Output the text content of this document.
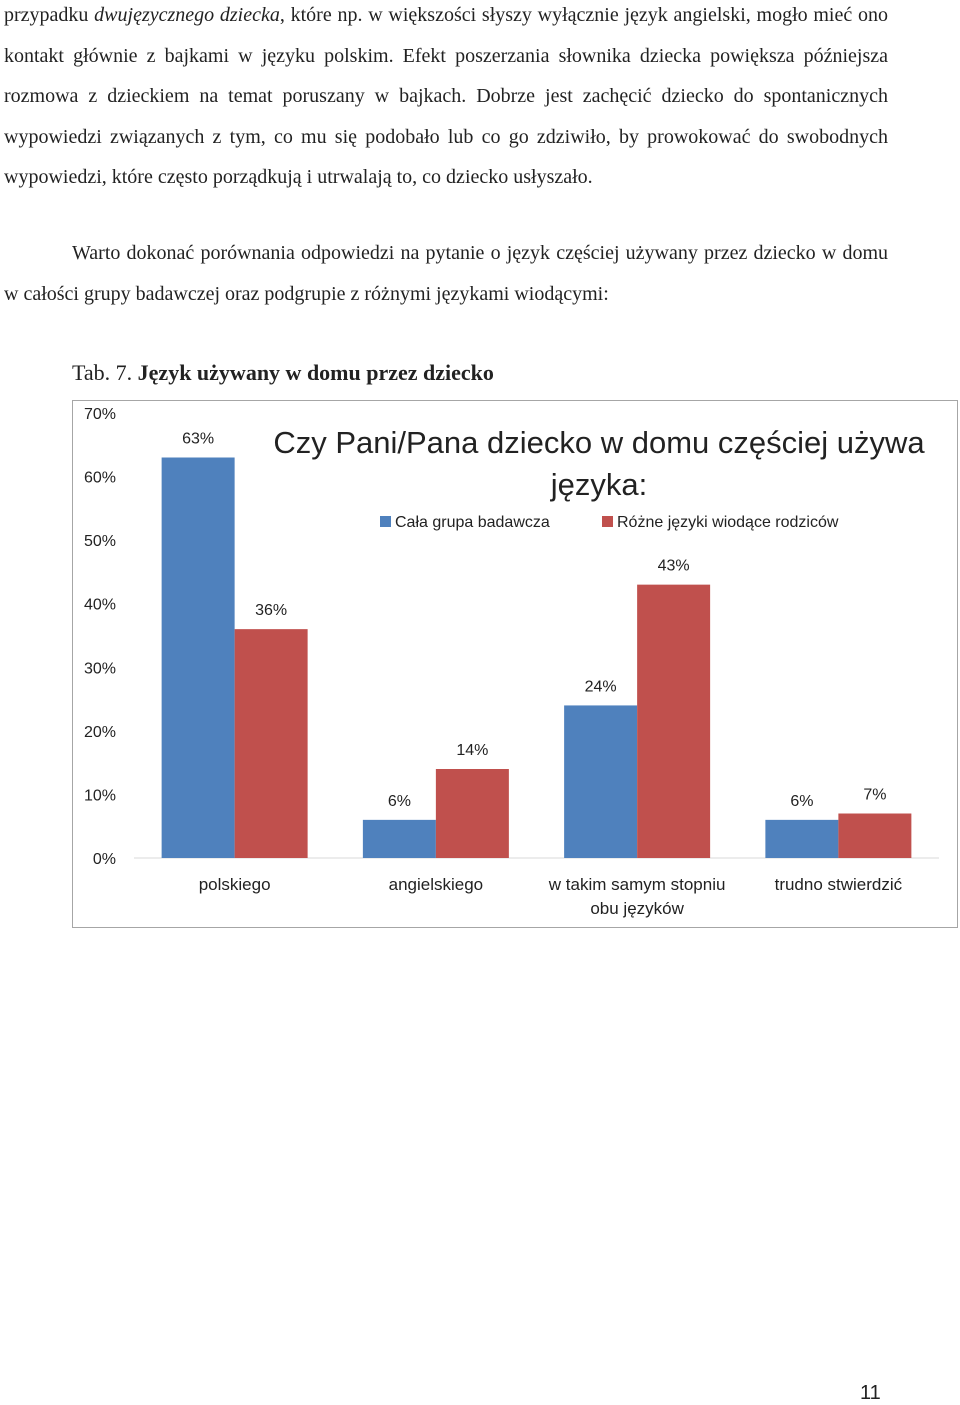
przypadku dwujęzycznego dziecka, które np. w większości słyszy wyłącznie język angielski, mogło mieć ono kontakt głównie z bajkami w języku polskim. Efekt poszerzania słownika dziecka powiększa późniejsza rozmowa z dzieckiem na temat poruszany w bajkach. Dobrze jest zachęcić dziecko do spontanicznych wypowiedzi związanych z tym, co mu się podobało lub co go zdziwiło, by prowokować do swobodnych wypowiedzi, które często porządkują i utrwalają to, co dziecko usłyszało.

Warto dokonać porównania odpowiedzi na pytanie o język częściej używany przez dziecko w domu w całości grupy badawczej oraz podgrupie z różnymi językami wiodącymi:

Tab. 7. Język używany w domu przez dziecko
0%
10%
20%
30%
40%
50%
60%
70%
63%
6%
24%
6%
36%
14%
43%
7%
polskiego	angielskiego	w takim samym stopniu
obu języków
trudno stwierdzić
Czy Pani/Pana dziecko w domu częściej używa
języka:
Cała grupa badawcza	Różne języki wiodące rodziców
11
